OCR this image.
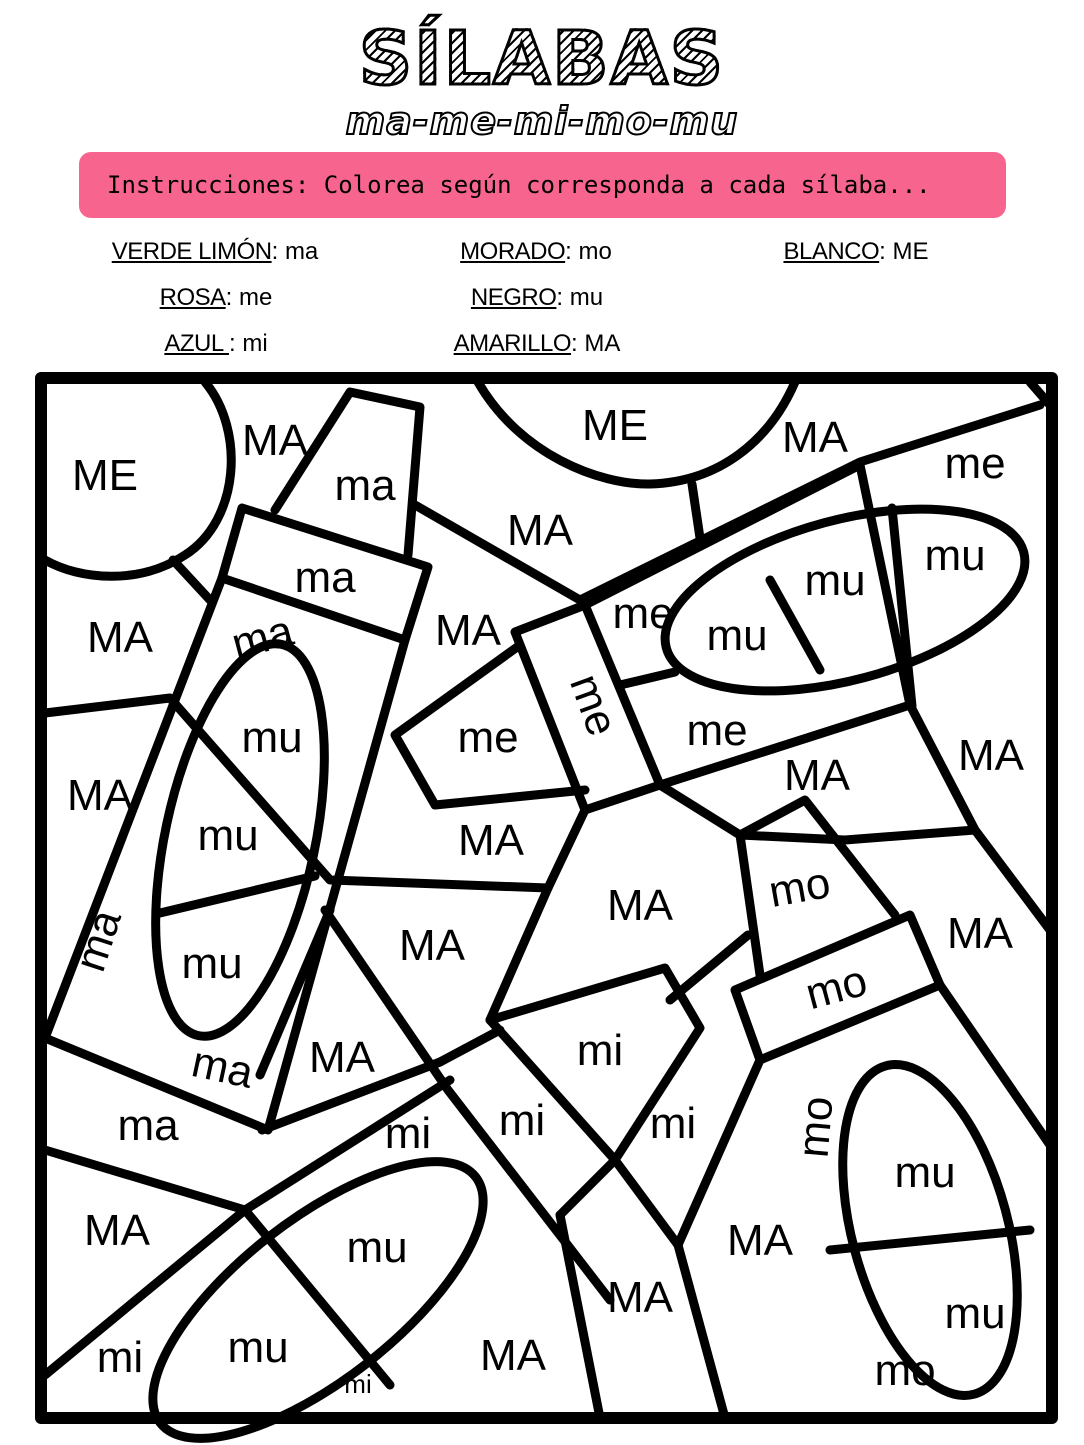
SÍLABAS
ma-me-mi-mo-mu
Instrucciones: Colorea según corresponda a cada sílaba...
VERDE LIMÓN: ma
ROSA: me
AZUL : mi
MORADO: mo
NEGRO: mu
AMARILLO: MA
BLANCO: ME
ME
MA
ma
ME	MA
me
MA
ma
MA ma
mu
mu
mu
mu
me
MA
MA
me me me
MA
mu
mu
MA
MA
MA mo
MA
MA
MA
mo
ma
mi
ma
mi mi
mi	mo
mu
MA	MA
mu
MA	mu
mi mu	MA
mi	mo
ma
